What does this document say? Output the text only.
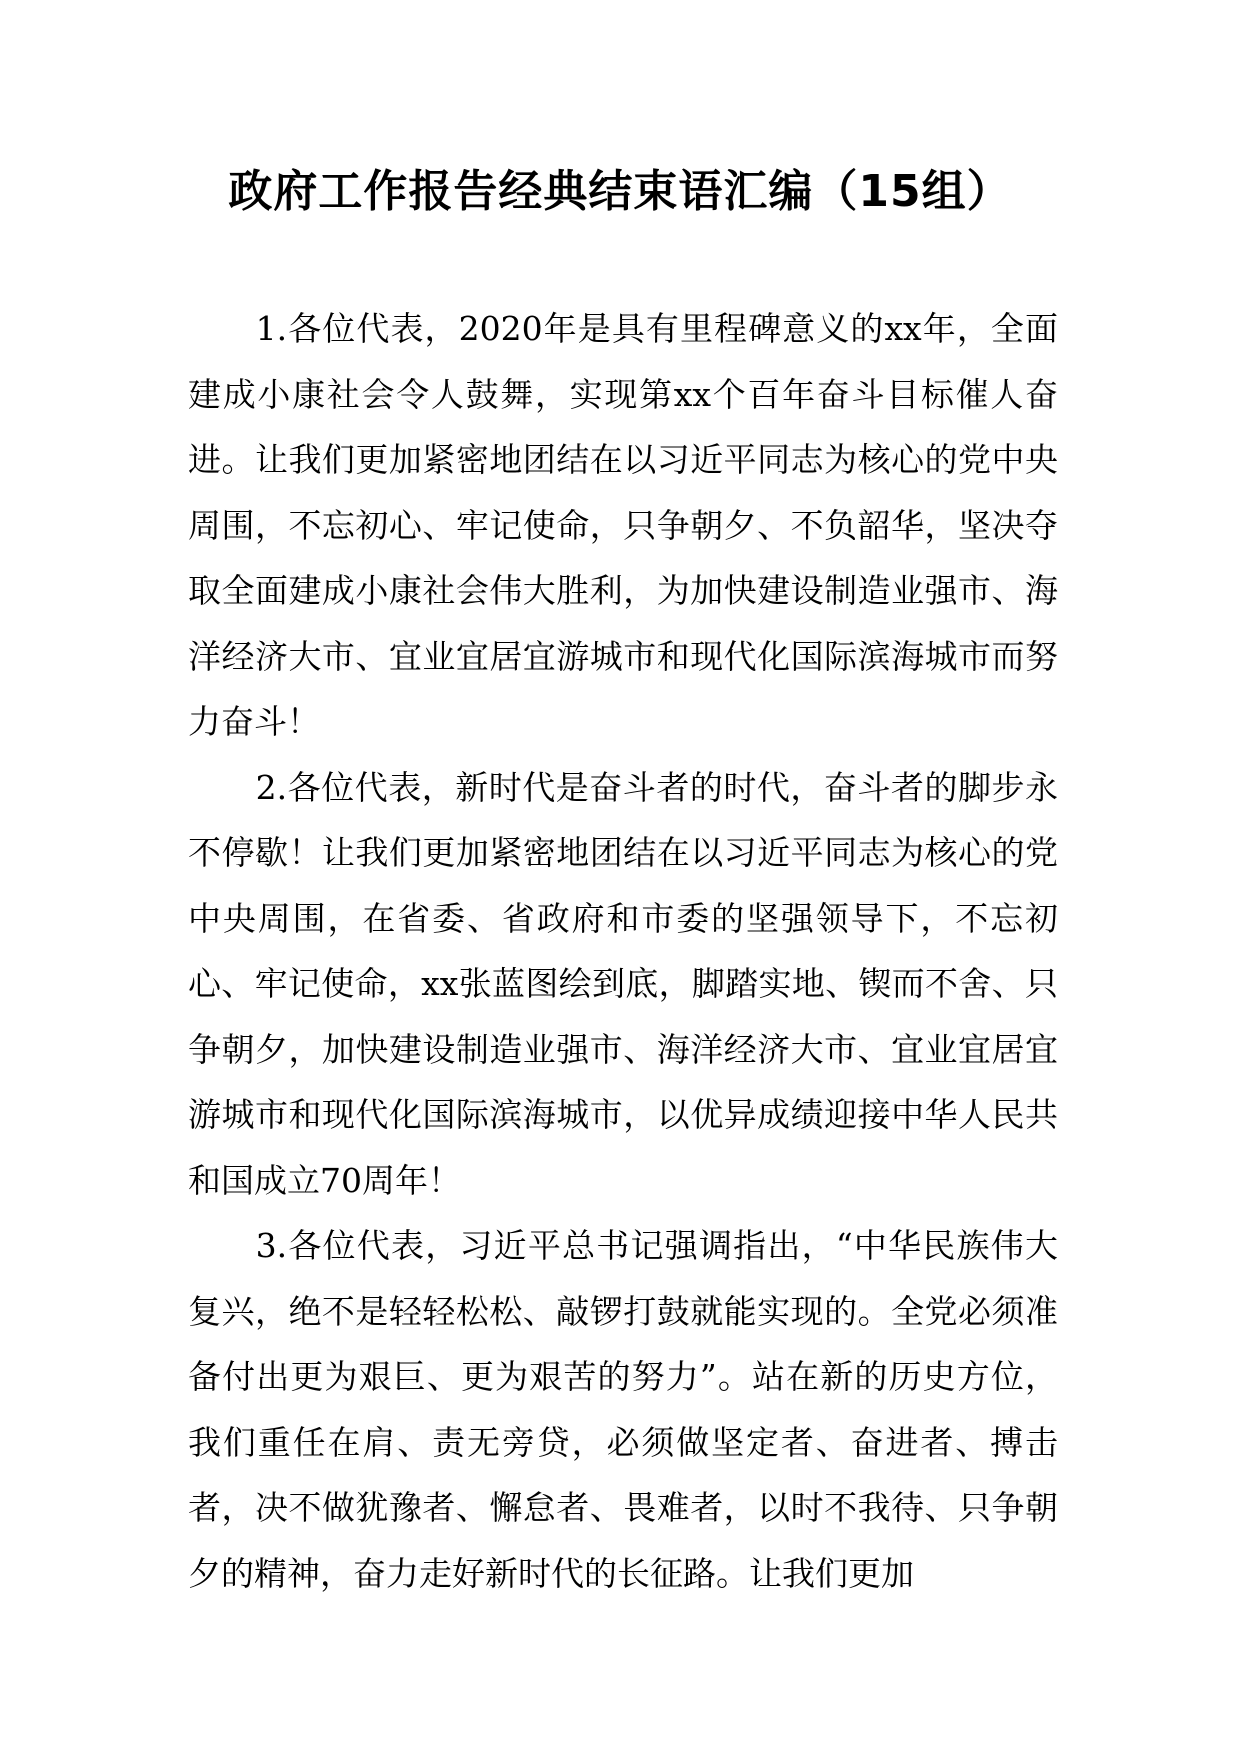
政府工作报告经典结束语汇编（15组）

1.各位代表，2020年是具有里程碑意义的xx年，全面建成小康社会令人鼓舞，实现第xx个百年奋斗目标催人奋进。让我们更加紧密地团结在以习近平同志为核心的党中央周围，不忘初心、牢记使命，只争朝夕、不负韶华，坚决夺取全面建成小康社会伟大胜利，为加快建设制造业强市、海洋经济大市、宜业宜居宜游城市和现代化国际滨海城市而努力奋斗！

2.各位代表，新时代是奋斗者的时代，奋斗者的脚步永不停歇！让我们更加紧密地团结在以习近平同志为核心的党中央周围，在省委、省政府和市委的坚强领导下，不忘初心、牢记使命，xx张蓝图绘到底，脚踏实地、锲而不舍、只争朝夕，加快建设制造业强市、海洋经济大市、宜业宜居宜游城市和现代化国际滨海城市，以优异成绩迎接中华人民共和国成立70周年！

3.各位代表，习近平总书记强调指出，“中华民族伟大复兴，绝不是轻轻松松、敲锣打鼓就能实现的。全党必须准备付出更为艰巨、更为艰苦的努力”。站在新的历史方位，我们重任在肩、责无旁贷，必须做坚定者、奋进者、搏击者，决不做犹豫者、懈怠者、畏难者，以时不我待、只争朝夕的精神，奋力走好新时代的长征路。让我们更加
